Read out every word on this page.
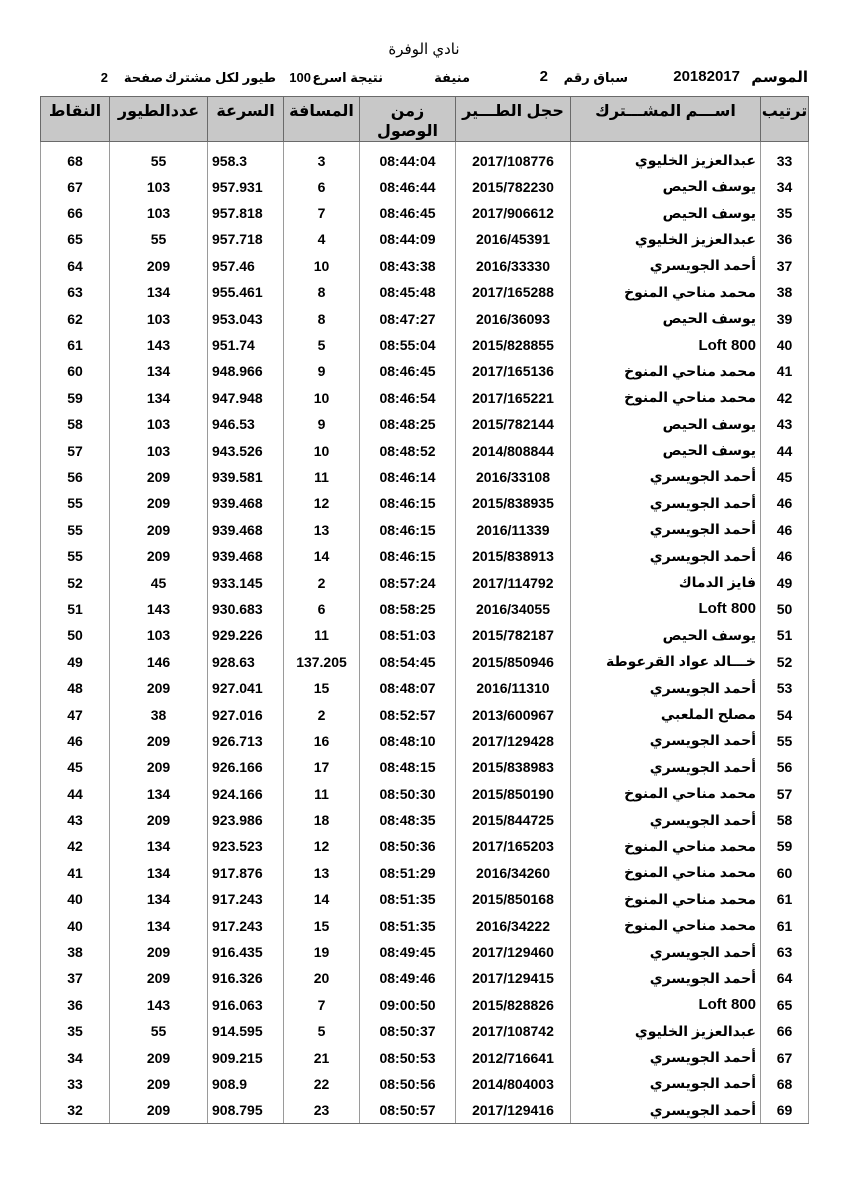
نادي الوفرة
الموسم
20182017
سباق رقم
2
منيفة
نتيجة اسرع
100
طيور لكل مشترك
صفحة
2
ترتيب	اســـم المشـــترك	حجل الطـــير	زمن الوصول	المسافة	السرعة	عددالطيور	النقاط
33	عبدالعزيز الخليوي	2017/108776	08:44:04	3	958.3	55	68
34	يوسف الحيص	2015/782230	08:46:44	6	957.931	103	67
35	يوسف الحيص	2017/906612	08:46:45	7	957.818	103	66
36	عبدالعزيز الخليوي	2016/45391	08:44:09	4	957.718	55	65
37	أحمد الجويسري	2016/33330	08:43:38	10	957.46	209	64
38	محمد مناحي المنوخ	2017/165288	08:45:48	8	955.461	134	63
39	يوسف الحيص	2016/36093	08:47:27	8	953.043	103	62
40	Loft 800	2015/828855	08:55:04	5	951.74	143	61
41	محمد مناحي المنوخ	2017/165136	08:46:45	9	948.966	134	60
42	محمد مناحي المنوخ	2017/165221	08:46:54	10	947.948	134	59
43	يوسف الحيص	2015/782144	08:48:25	9	946.53	103	58
44	يوسف الحيص	2014/808844	08:48:52	10	943.526	103	57
45	أحمد الجويسري	2016/33108	08:46:14	11	939.581	209	56
46	أحمد الجويسري	2015/838935	08:46:15	12	939.468	209	55
46	أحمد الجويسري	2016/11339	08:46:15	13	939.468	209	55
46	أحمد الجويسري	2015/838913	08:46:15	14	939.468	209	55
49	فايز الدماك	2017/114792	08:57:24	2	933.145	45	52
50	Loft 800	2016/34055	08:58:25	6	930.683	143	51
51	يوسف الحيص	2015/782187	08:51:03	11	929.226	103	50
52	خـــالد عواد القرعوطة	2015/850946	08:54:45	137.205	928.63	146	49
53	أحمد الجويسري	2016/11310	08:48:07	15	927.041	209	48
54	مصلح الملعبي	2013/600967	08:52:57	2	927.016	38	47
55	أحمد الجويسري	2017/129428	08:48:10	16	926.713	209	46
56	أحمد الجويسري	2015/838983	08:48:15	17	926.166	209	45
57	محمد مناحي المنوخ	2015/850190	08:50:30	11	924.166	134	44
58	أحمد الجويسري	2015/844725	08:48:35	18	923.986	209	43
59	محمد مناحي المنوخ	2017/165203	08:50:36	12	923.523	134	42
60	محمد مناحي المنوخ	2016/34260	08:51:29	13	917.876	134	41
61	محمد مناحي المنوخ	2015/850168	08:51:35	14	917.243	134	40
61	محمد مناحي المنوخ	2016/34222	08:51:35	15	917.243	134	40
63	أحمد الجويسري	2017/129460	08:49:45	19	916.435	209	38
64	أحمد الجويسري	2017/129415	08:49:46	20	916.326	209	37
65	Loft 800	2015/828826	09:00:50	7	916.063	143	36
66	عبدالعزيز الخليوي	2017/108742	08:50:37	5	914.595	55	35
67	أحمد الجويسري	2012/716641	08:50:53	21	909.215	209	34
68	أحمد الجويسري	2014/804003	08:50:56	22	908.9	209	33
69	أحمد الجويسري	2017/129416	08:50:57	23	908.795	209	32
